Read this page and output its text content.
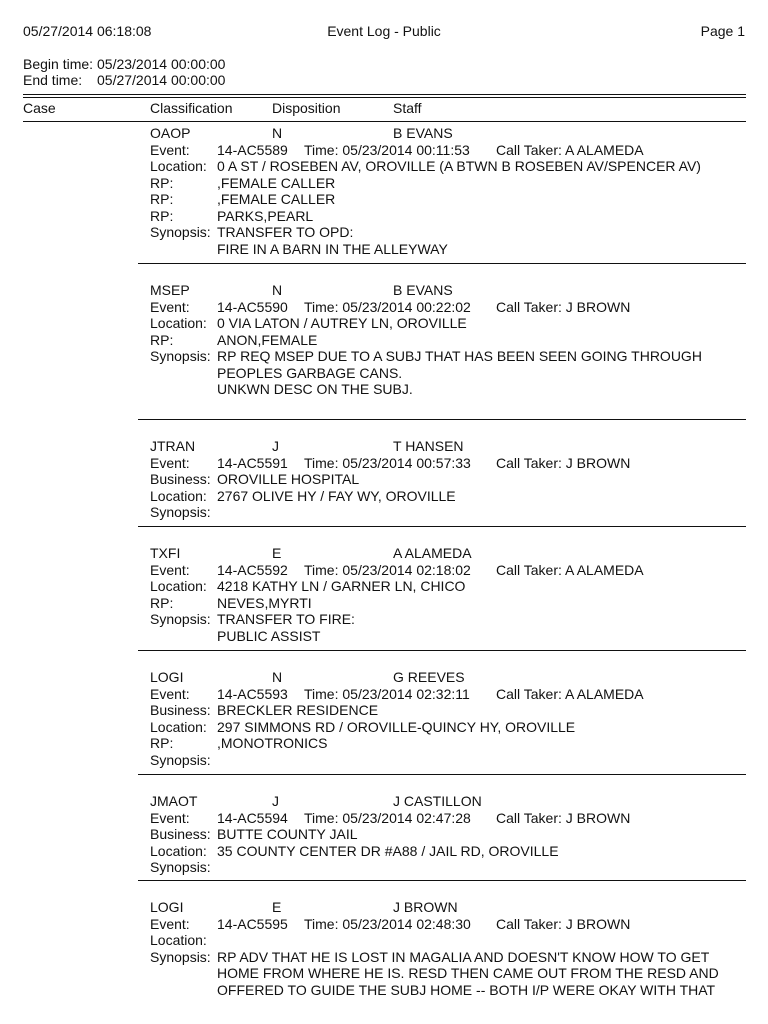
05/27/2014 06:18:08	Event Log - Public	Page 1
Begin time: 05/23/2014 00:00:00
End time: 05/27/2014 00:00:00
Case	Classification	Disposition	Staff
OAOP	N	B EVANS
Event: 14-AC5589 Time: 05/23/2014 00:11:53 Call Taker: A ALAMEDA
Location: 0 A ST / ROSEBEN AV, OROVILLE (A BTWN B ROSEBEN AV/SPENCER AV)
RP:	,FEMALE CALLER
RP:	,FEMALE CALLER
RP:	PARKS,PEARL
Synopsis: TRANSFER TO OPD:
FIRE IN A BARN IN THE ALLEYWAY
MSEP	N	B EVANS
Event: 14-AC5590 Time: 05/23/2014 00:22:02 Call Taker: J BROWN
Location: 0 VIA LATON / AUTREY LN, OROVILLE
RP:	ANON,FEMALE
Synopsis: RP REQ MSEP DUE TO A SUBJ THAT HAS BEEN SEEN GOING THROUGH
PEOPLES GARBAGE CANS.
UNKWN DESC ON THE SUBJ.
JTRAN	J	T HANSEN
Event: 14-AC5591 Time: 05/23/2014 00:57:33 Call Taker: J BROWN
Business: OROVILLE HOSPITAL
Location: 2767 OLIVE HY / FAY WY, OROVILLE
Synopsis:
TXFI	E	A ALAMEDA
Event: 14-AC5592 Time: 05/23/2014 02:18:02 Call Taker: A ALAMEDA
Location: 4218 KATHY LN / GARNER LN, CHICO
RP:	NEVES,MYRTI
Synopsis: TRANSFER TO FIRE:
PUBLIC ASSIST
LOGI	N	G REEVES
Event: 14-AC5593 Time: 05/23/2014 02:32:11 Call Taker: A ALAMEDA
Business: BRECKLER RESIDENCE
Location: 297 SIMMONS RD / OROVILLE-QUINCY HY, OROVILLE
RP:	,MONOTRONICS
Synopsis:
JMAOT	J	J CASTILLON
Event: 14-AC5594 Time: 05/23/2014 02:47:28 Call Taker: J BROWN
Business: BUTTE COUNTY JAIL
Location: 35 COUNTY CENTER DR #A88 / JAIL RD, OROVILLE
Synopsis:
LOGI	E	J BROWN
Event: 14-AC5595 Time: 05/23/2014 02:48:30 Call Taker: J BROWN
Location:
Synopsis: RP ADV THAT HE IS LOST IN MAGALIA AND DOESN'T KNOW HOW TO GET
HOME FROM WHERE HE IS. RESD THEN CAME OUT FROM THE RESD AND
OFFERED TO GUIDE THE SUBJ HOME -- BOTH I/P WERE OKAY WITH THAT
